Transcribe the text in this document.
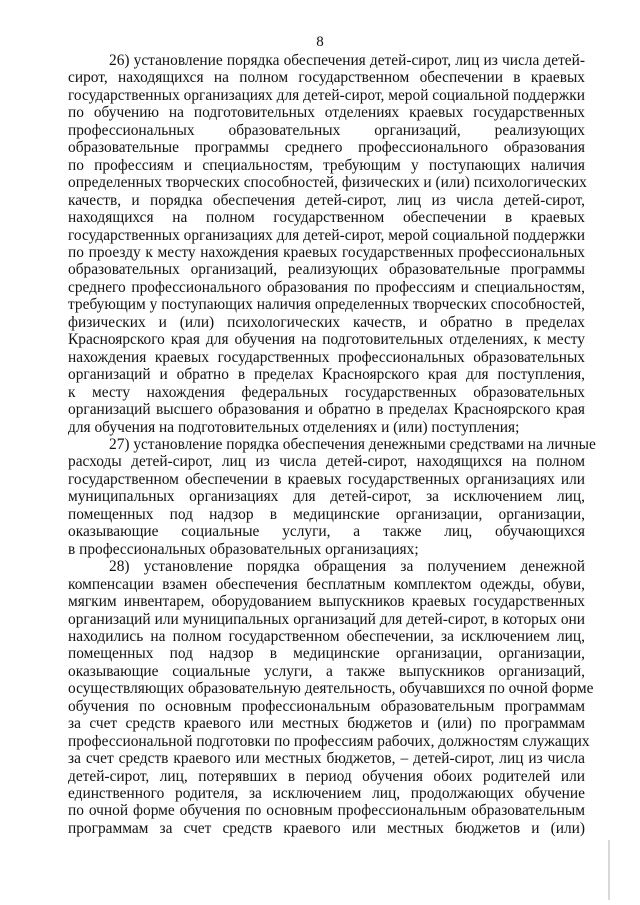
8
26) установление порядка обеспечения детей-сирот, лиц из числа детей-
сирот, находящихся на полном государственном обеспечении в краевых
государственных организациях для детей-сирот, мерой социальной поддержки
по обучению на подготовительных отделениях краевых государственных
профессиональных образовательных организаций, реализующих
образовательные программы среднего профессионального образования
по профессиям и специальностям, требующим у поступающих наличия
определенных творческих способностей, физических и (или) психологических
качеств, и порядка обеспечения детей-сирот, лиц из числа детей-сирот,
находящихся на полном государственном обеспечении в краевых
государственных организациях для детей-сирот, мерой социальной поддержки
по проезду к месту нахождения краевых государственных профессиональных
образовательных организаций, реализующих образовательные программы
среднего профессионального образования по профессиям и специальностям,
требующим у поступающих наличия определенных творческих способностей,
физических и (или) психологических качеств, и обратно в пределах
Красноярского края для обучения на подготовительных отделениях, к месту
нахождения краевых государственных профессиональных образовательных
организаций и обратно в пределах Красноярского края для поступления,
к месту нахождения федеральных государственных образовательных
организаций высшего образования и обратно в пределах Красноярского края
для обучения на подготовительных отделениях и (или) поступления;
27) установление порядка обеспечения денежными средствами на личные
расходы детей-сирот, лиц из числа детей-сирот, находящихся на полном
государственном обеспечении в краевых государственных организациях или
муниципальных организациях для детей-сирот, за исключением лиц,
помещенных под надзор в медицинские организации, организации,
оказывающие социальные услуги, а также лиц, обучающихся
в профессиональных образовательных организациях;
28) установление порядка обращения за получением денежной
компенсации взамен обеспечения бесплатным комплектом одежды, обуви,
мягким инвентарем, оборудованием выпускников краевых государственных
организаций или муниципальных организаций для детей-сирот, в которых они
находились на полном государственном обеспечении, за исключением лиц,
помещенных под надзор в медицинские организации, организации,
оказывающие социальные услуги, а также выпускников организаций,
осуществляющих образовательную деятельность, обучавшихся по очной форме
обучения по основным профессиональным образовательным программам
за счет средств краевого или местных бюджетов и (или) по программам
профессиональной подготовки по профессиям рабочих, должностям служащих
за счет средств краевого или местных бюджетов, – детей-сирот, лиц из числа
детей-сирот, лиц, потерявших в период обучения обоих родителей или
единственного родителя, за исключением лиц, продолжающих обучение
по очной форме обучения по основным профессиональным образовательным
программам за счет средств краевого или местных бюджетов и (или)
